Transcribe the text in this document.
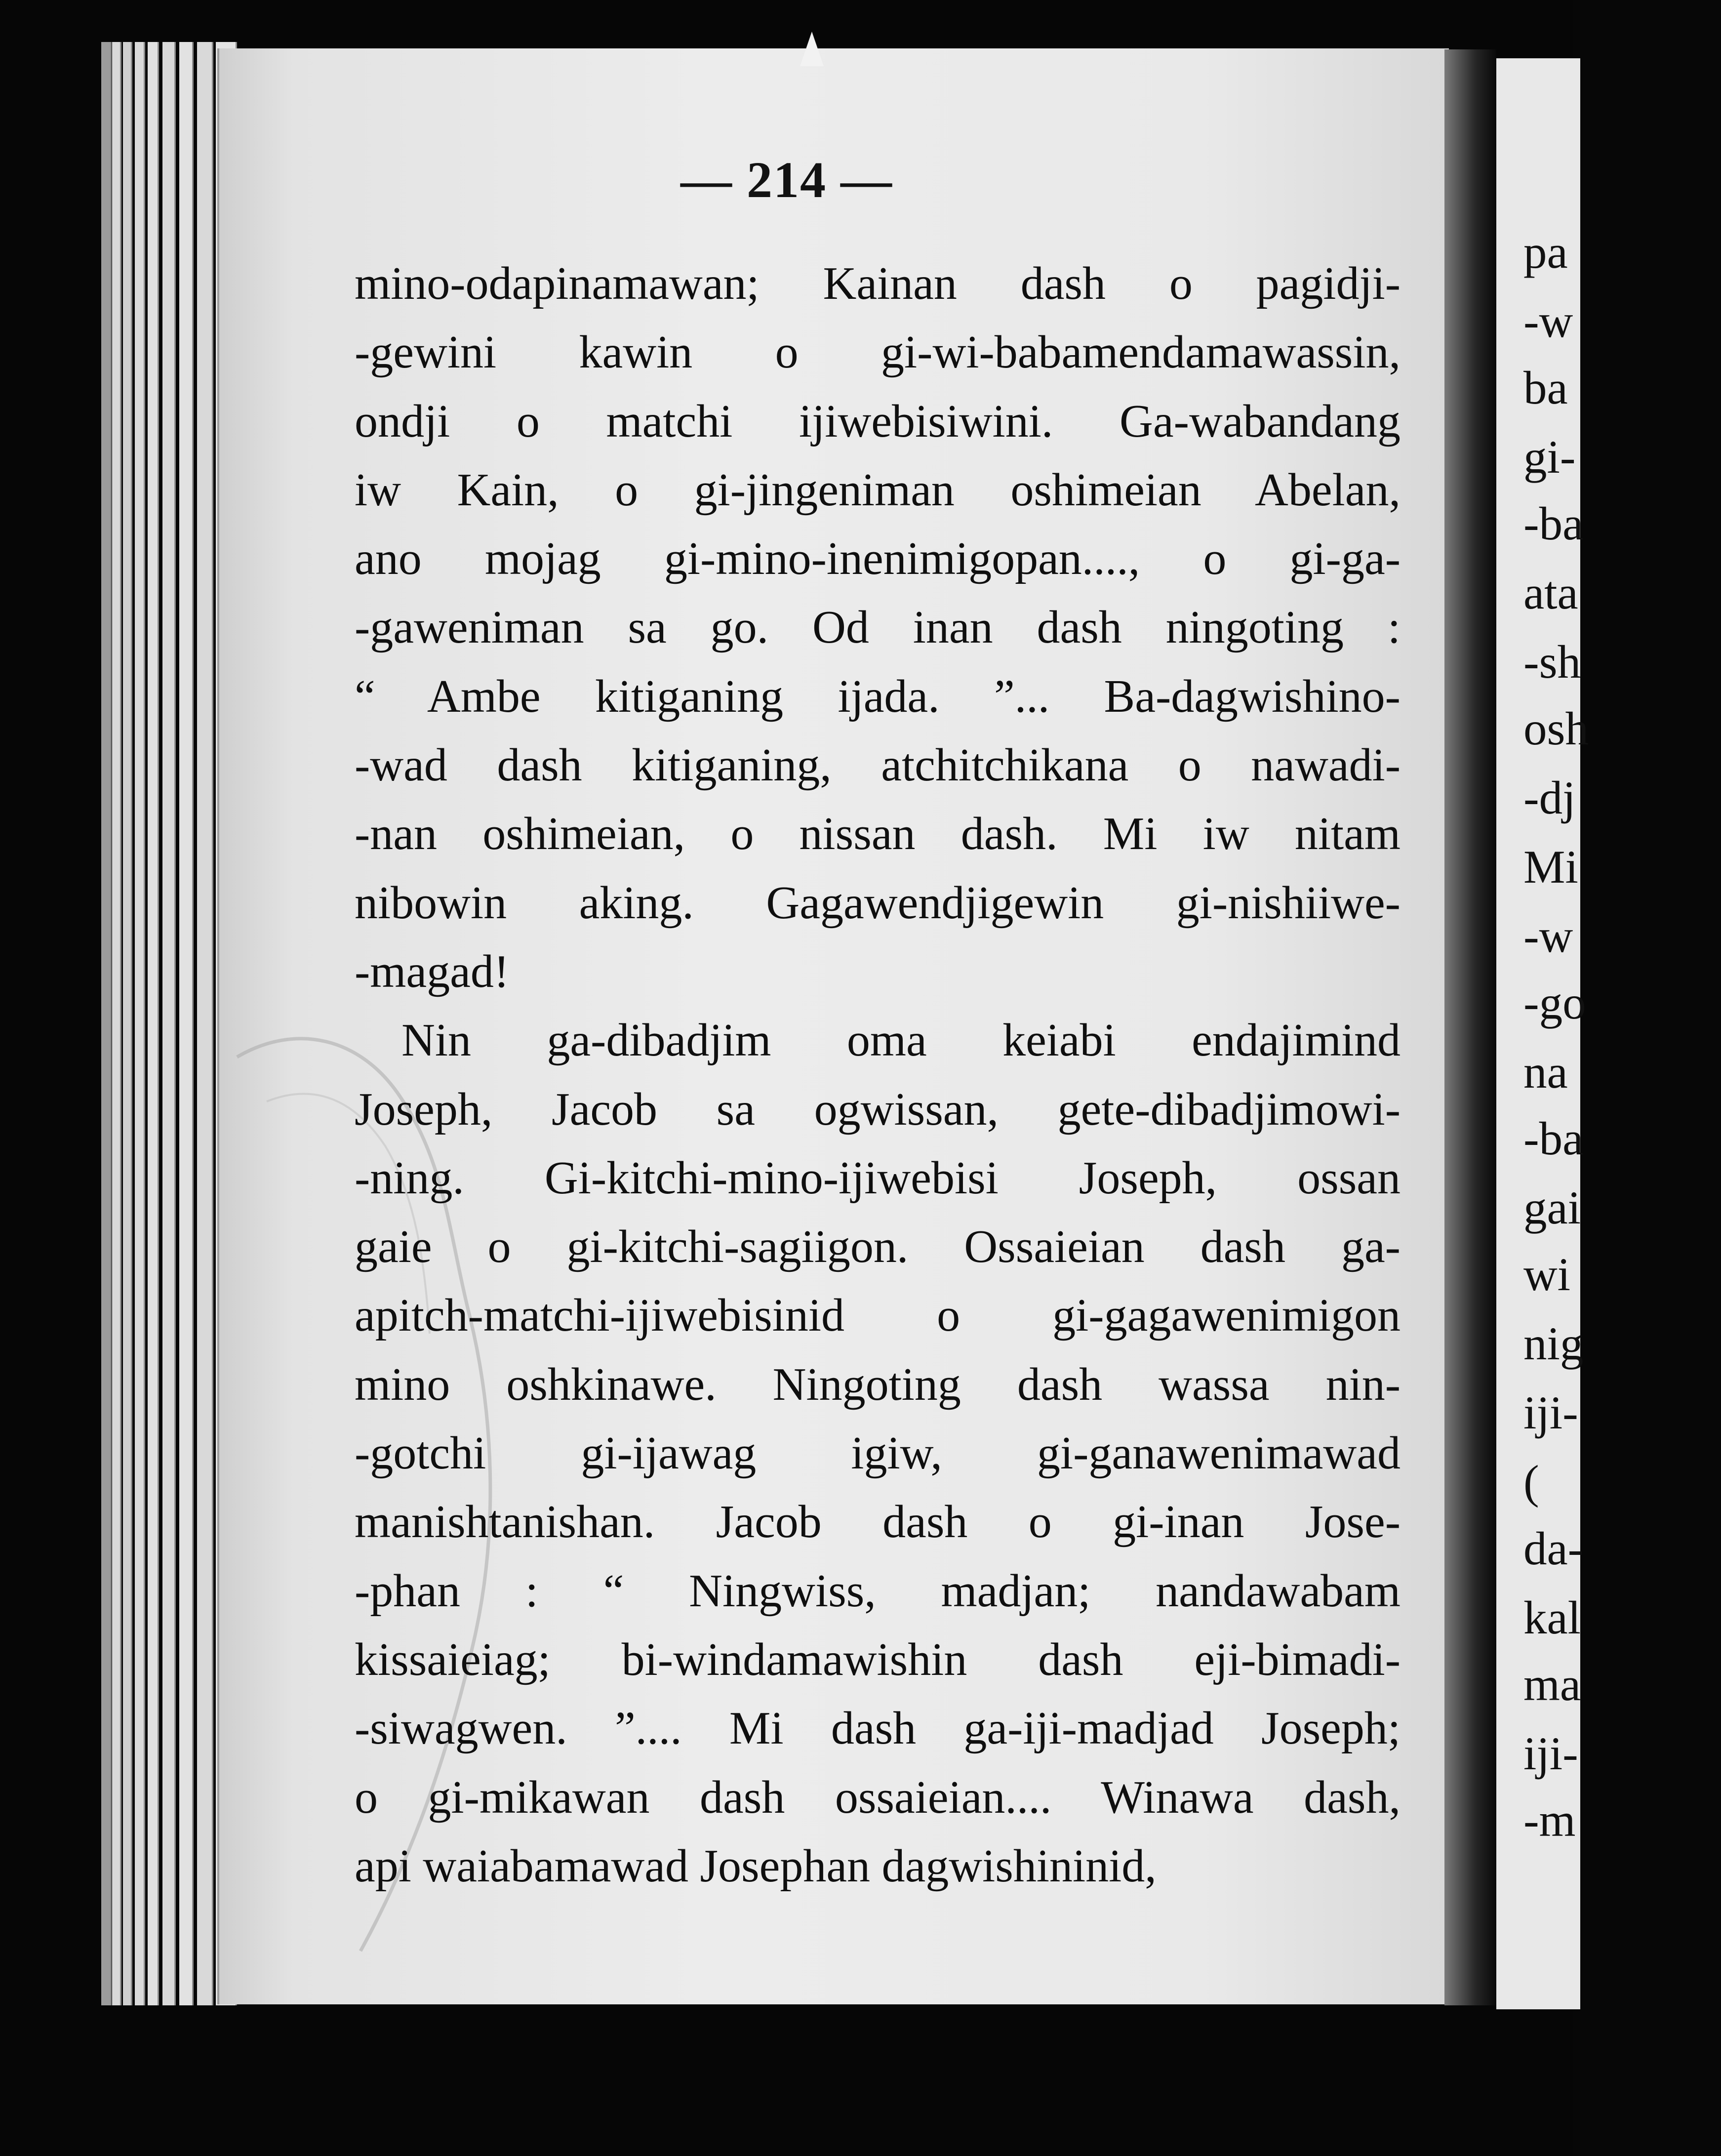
pa
-w
ba
gi-
-ba
ata
-sh
osh
-dj
Mi
-w
-go
na
-ba
gai
wi
nig
iji-
(
da-
kal
ma
iji-
-m
— 214 —
mino-odapinamawan; Kainan dash o pagidji-
-gewini kawin o gi-wi-babamendamawassin,
ondji o matchi ijiwebisiwini. Ga-wabandang
iw Kain, o gi-jingeniman oshimeian Abelan,
ano mojag gi-mino-inenimigopan...., o gi-ga-
-gaweniman sa go. Od inan dash ningoting :
“ Ambe kitiganing ijada. ”... Ba-dagwishino-
-wad dash kitiganing, atchitchikana o nawadi-
-nan oshimeian, o nissan dash. Mi iw nitam
nibowin aking. Gagawendjigewin gi-nishiiwe-
-magad!
Nin ga-dibadjim oma keiabi endajimind
Joseph, Jacob sa ogwissan, gete-dibadjimowi-
-ning. Gi-kitchi-mino-ijiwebisi Joseph, ossan
gaie o gi-kitchi-sagiigon. Ossaieian dash ga-
apitch-matchi-ijiwebisinid o gi-gagawenimigon
mino oshkinawe. Ningoting dash wassa nin-
-gotchi gi-ijawag igiw, gi-ganawenimawad
manishtanishan. Jacob dash o gi-inan Jose-
-phan : “ Ningwiss, madjan; nandawabam
kissaieiag; bi-windamawishin dash eji-bimadi-
-siwagwen. ”.... Mi dash ga-iji-madjad Joseph;
o gi-mikawan dash ossaieian.... Winawa dash,
api waiabamawad Josephan dagwishininid,
